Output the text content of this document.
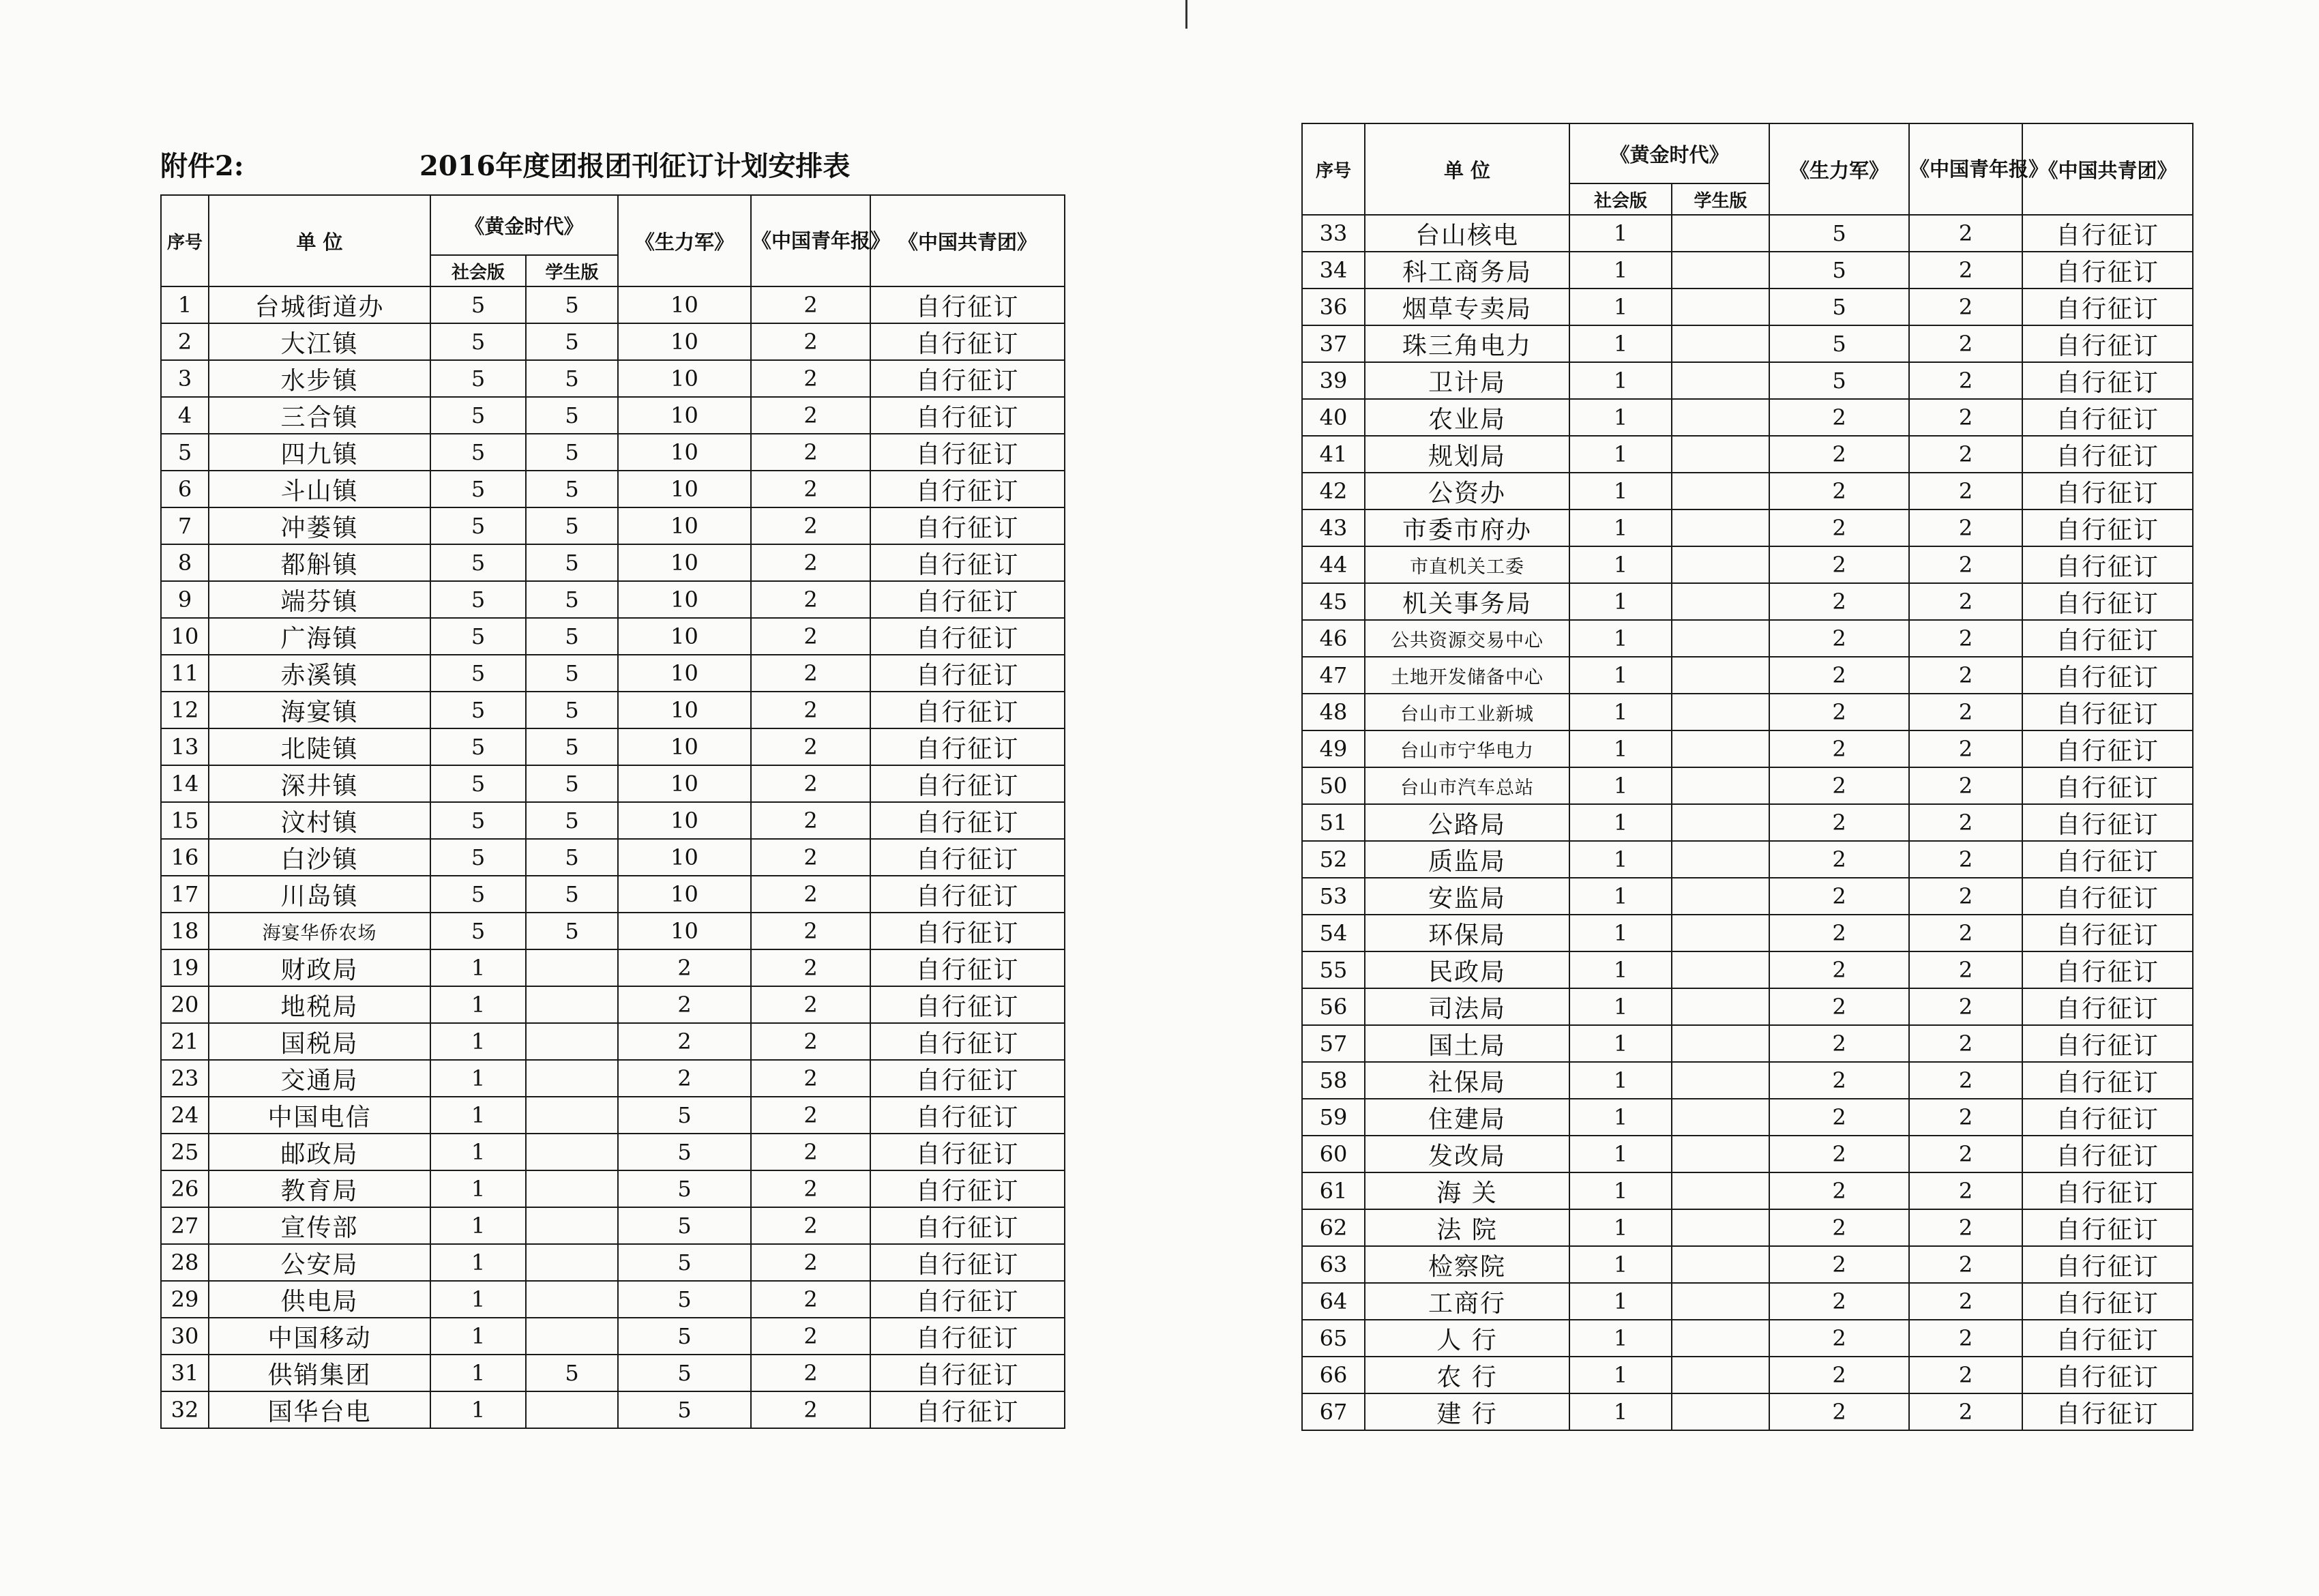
附件2:	2016年度团报团刊征订计划安排表
序号	单 位	《黄金时代》		《生力军》	《中国青年报》	《中国共青团》
		社会版	学生版			
1	台城街道办	5	5	10	2	自行征订
2	大江镇	5	5	10	2	自行征订
3	水步镇	5	5	10	2	自行征订
4	三合镇	5	5	10	2	自行征订
5	四九镇	5	5	10	2	自行征订
6	斗山镇	5	5	10	2	自行征订
7	冲蒌镇	5	5	10	2	自行征订
8	都斛镇	5	5	10	2	自行征订
9	端芬镇	5	5	10	2	自行征订
10	广海镇	5	5	10	2	自行征订
11	赤溪镇	5	5	10	2	自行征订
12	海宴镇	5	5	10	2	自行征订
13	北陡镇	5	5	10	2	自行征订
14	深井镇	5	5	10	2	自行征订
15	汶村镇	5	5	10	2	自行征订
16	白沙镇	5	5	10	2	自行征订
17	川岛镇	5	5	10	2	自行征订
18	海宴华侨农场	5	5	10	2	自行征订
19	财政局	1		2	2	自行征订
20	地税局	1		2	2	自行征订
21	国税局	1		2	2	自行征订
23	交通局	1		2	2	自行征订
24	中国电信	1		5	2	自行征订
25	邮政局	1		5	2	自行征订
26	教育局	1		5	2	自行征订
27	宣传部	1		5	2	自行征订
28	公安局	1		5	2	自行征订
29	供电局	1		5	2	自行征订
30	中国移动	1		5	2	自行征订
31	供销集团	1	5	5	2	自行征订
32	国华台电	1		5	2	自行征订
序号	单 位	《黄金时代》		《生力军》	《中国青年报》	《中国共青团》
		社会版	学生版			
33	台山核电	1		5	2	自行征订
34	科工商务局	1		5	2	自行征订
36	烟草专卖局	1		5	2	自行征订
37	珠三角电力	1		5	2	自行征订
39	卫计局	1		5	2	自行征订
40	农业局	1		2	2	自行征订
41	规划局	1		2	2	自行征订
42	公资办	1		2	2	自行征订
43	市委市府办	1		2	2	自行征订
44	市直机关工委	1		2	2	自行征订
45	机关事务局	1		2	2	自行征订
46	公共资源交易中心	1		2	2	自行征订
47	土地开发储备中心	1		2	2	自行征订
48	台山市工业新城	1		2	2	自行征订
49	台山市宁华电力	1		2	2	自行征订
50	台山市汽车总站	1		2	2	自行征订
51	公路局	1		2	2	自行征订
52	质监局	1		2	2	自行征订
53	安监局	1		2	2	自行征订
54	环保局	1		2	2	自行征订
55	民政局	1		2	2	自行征订
56	司法局	1		2	2	自行征订
57	国土局	1		2	2	自行征订
58	社保局	1		2	2	自行征订
59	住建局	1		2	2	自行征订
60	发改局	1		2	2	自行征订
61	海 关	1		2	2	自行征订
62	法 院	1		2	2	自行征订
63	检察院	1		2	2	自行征订
64	工商行	1		2	2	自行征订
65	人 行	1		2	2	自行征订
66	农 行	1		2	2	自行征订
67	建 行	1		2	2	自行征订
